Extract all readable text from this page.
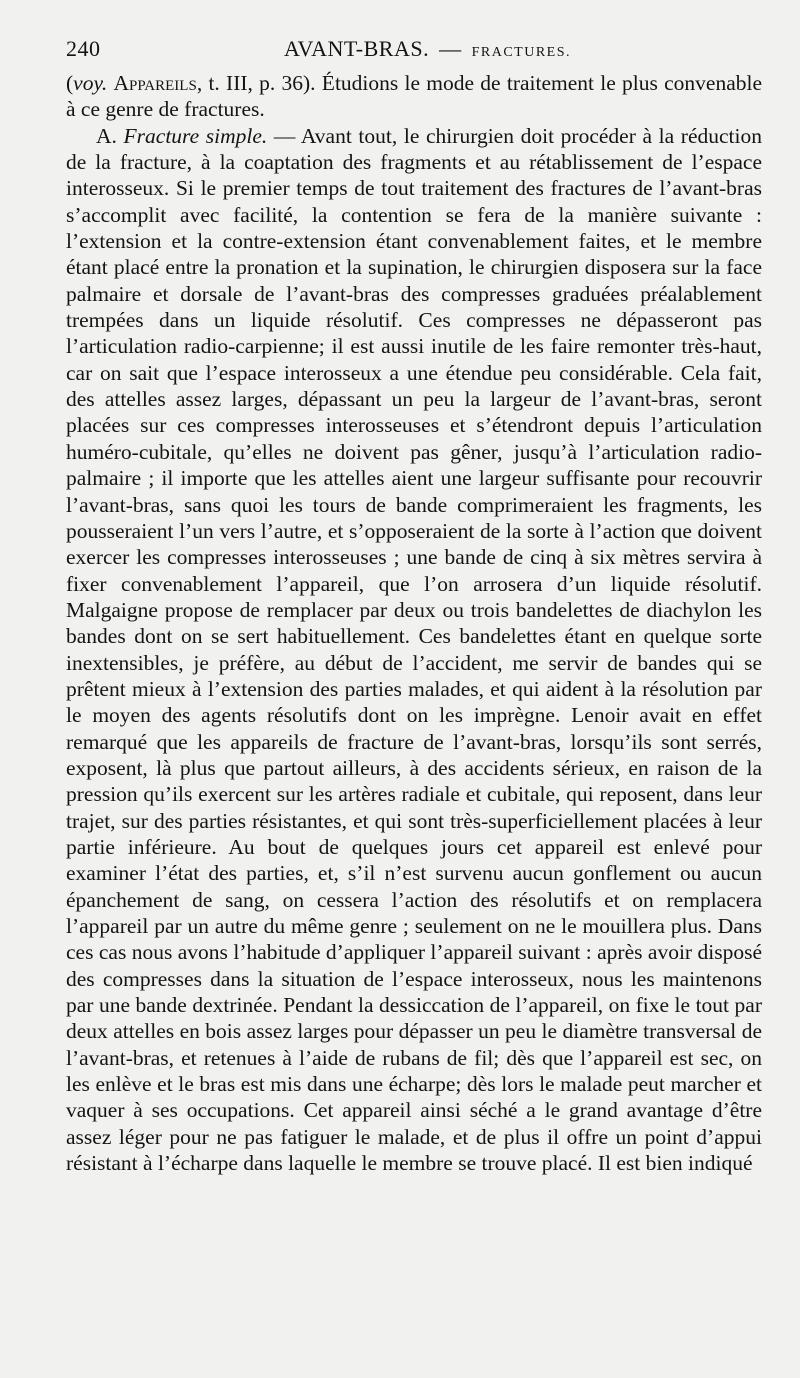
240	AVANT-BRAS. — FRACTURES.

(voy. Appareils, t. III, p. 36). Étudions le mode de traitement le plus convenable à ce genre de fractures.

A. Fracture simple. — Avant tout, le chirurgien doit procéder à la réduction de la fracture, à la coaptation des fragments et au rétablissement de l’espace interosseux. Si le premier temps de tout traitement des fractures de l’avant-bras s’accomplit avec facilité, la contention se fera de la manière suivante : l’extension et la contre-extension étant convenablement faites, et le membre étant placé entre la pronation et la supination, le chirurgien disposera sur la face palmaire et dorsale de l’avant-bras des compresses graduées préalablement trempées dans un liquide résolutif. Ces compresses ne dépasseront pas l’articulation radio-carpienne; il est aussi inutile de les faire remonter très-haut, car on sait que l’espace interosseux a une étendue peu considérable. Cela fait, des attelles assez larges, dépassant un peu la largeur de l’avant-bras, seront placées sur ces compresses interosseuses et s’étendront depuis l’articulation huméro-cubitale, qu’elles ne doivent pas gêner, jusqu’à l’articulation radio-palmaire ; il importe que les attelles aient une largeur suffisante pour recouvrir l’avant-bras, sans quoi les tours de bande comprimeraient les fragments, les pousseraient l’un vers l’autre, et s’opposeraient de la sorte à l’action que doivent exercer les compresses interosseuses ; une bande de cinq à six mètres servira à fixer convenablement l’appareil, que l’on arrosera d’un liquide résolutif. Malgaigne propose de remplacer par deux ou trois bandelettes de diachylon les bandes dont on se sert habituellement. Ces bandelettes étant en quelque sorte inextensibles, je préfère, au début de l’accident, me servir de bandes qui se prêtent mieux à l’extension des parties malades, et qui aident à la résolution par le moyen des agents résolutifs dont on les imprègne. Lenoir avait en effet remarqué que les appareils de fracture de l’avant-bras, lorsqu’ils sont serrés, exposent, là plus que partout ailleurs, à des accidents sérieux, en raison de la pression qu’ils exercent sur les artères radiale et cubitale, qui reposent, dans leur trajet, sur des parties résistantes, et qui sont très-superficiellement placées à leur partie inférieure. Au bout de quelques jours cet appareil est enlevé pour examiner l’état des parties, et, s’il n’est survenu aucun gonflement ou aucun épanchement de sang, on cessera l’action des résolutifs et on remplacera l’appareil par un autre du même genre ; seulement on ne le mouillera plus. Dans ces cas nous avons l’habitude d’appliquer l’appareil suivant : après avoir disposé des compresses dans la situation de l’espace interosseux, nous les maintenons par une bande dextrinée. Pendant la dessiccation de l’appareil, on fixe le tout par deux attelles en bois assez larges pour dépasser un peu le diamètre transversal de l’avant-bras, et retenues à l’aide de rubans de fil; dès que l’appareil est sec, on les enlève et le bras est mis dans une écharpe; dès lors le malade peut marcher et vaquer à ses occupations. Cet appareil ainsi séché a le grand avantage d’être assez léger pour ne pas fatiguer le malade, et de plus il offre un point d’appui résistant à l’écharpe dans laquelle le membre se trouve placé. Il est bien indiqué
